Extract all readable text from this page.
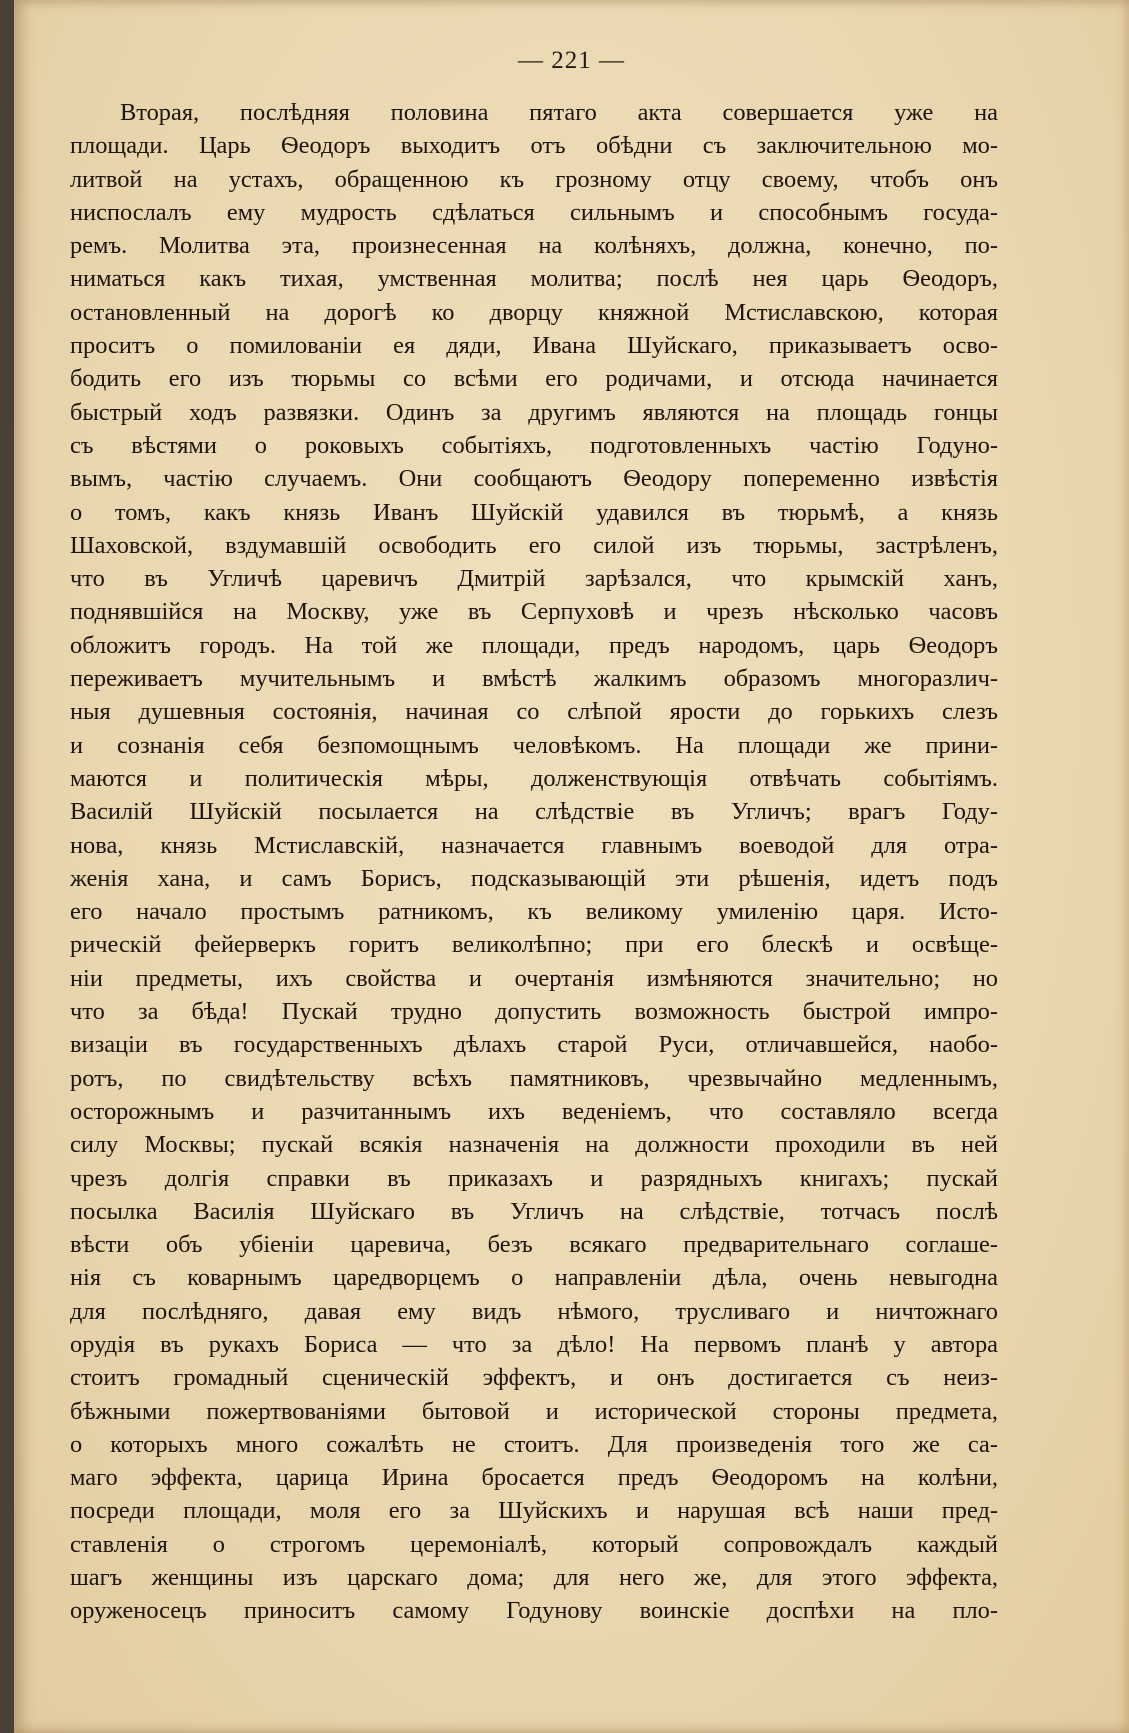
— 221 —
Вторая, послѣдняя половина пятаго акта совершается уже на
площади. Царь Ѳеодоръ выходитъ отъ обѣдни съ заключительною мо-
литвой на устахъ, обращенною къ грозному отцу своему, чтобъ онъ
ниспослалъ ему мудрость сдѣлаться сильнымъ и способнымъ госуда-
ремъ. Молитва эта, произнесенная на колѣняхъ, должна, конечно, по-
ниматься какъ тихая, умственная молитва; послѣ нея царь Ѳеодоръ,
остановленный на дорогѣ ко дворцу княжной Мстиславскою, которая
проситъ о помилованіи ея дяди, Ивана Шуйскаго, приказываетъ осво-
бодить его изъ тюрьмы со всѣми его родичами, и отсюда начинается
быстрый ходъ развязки. Одинъ за другимъ являются на площадь гонцы
съ вѣстями о роковыхъ событіяхъ, подготовленныхъ частію Годуно-
вымъ, частію случаемъ. Они сообщаютъ Ѳеодору попеременно извѣстія
о томъ, какъ князь Иванъ Шуйскій удавился въ тюрьмѣ, а князь
Шаховской, вздумавшій освободить его силой изъ тюрьмы, застрѣленъ,
что въ Угличѣ царевичъ Дмитрій зарѣзался, что крымскій ханъ,
поднявшійся на Москву, уже въ Серпуховѣ и чрезъ нѣсколько часовъ
обложитъ городъ. На той же площади, предъ народомъ, царь Ѳеодоръ
переживаетъ мучительнымъ и вмѣстѣ жалкимъ образомъ многоразлич-
ныя душевныя состоянія, начиная со слѣпой ярости до горькихъ слезъ
и сознанія себя безпомощнымъ человѣкомъ. На площади же прини-
маются и политическія мѣры, долженствующія отвѣчать событіямъ.
Василій Шуйскій посылается на слѣдствіе въ Угличъ; врагъ Году-
нова, князь Мстиславскій, назначается главнымъ воеводой для отра-
женія хана, и самъ Борисъ, подсказывающій эти рѣшенія, идетъ подъ
его начало простымъ ратникомъ, къ великому умиленію царя. Исто-
рическій фейерверкъ горитъ великолѣпно; при его блескѣ и освѣще-
ніи предметы, ихъ свойства и очертанія измѣняются значительно; но
что за бѣда! Пускай трудно допустить возможность быстрой импро-
визаціи въ государственныхъ дѣлахъ старой Руси, отличавшейся, наобо-
ротъ, по свидѣтельству всѣхъ памятниковъ, чрезвычайно медленнымъ,
осторожнымъ и разчитаннымъ ихъ веденіемъ, что составляло всегда
силу Москвы; пускай всякія назначенія на должности проходили въ ней
чрезъ долгія справки въ приказахъ и разрядныхъ книгахъ; пускай
посылка Василія Шуйскаго въ Угличъ на слѣдствіе, тотчасъ послѣ
вѣсти объ убіеніи царевича, безъ всякаго предварительнаго соглаше-
нія съ коварнымъ царедворцемъ о направленіи дѣла, очень невыгодна
для послѣдняго, давая ему видъ нѣмого, трусливаго и ничтожнаго
орудія въ рукахъ Бориса — что за дѣло! На первомъ планѣ у автора
стоитъ громадный сценическій эффектъ, и онъ достигается съ неиз-
бѣжными пожертвованіями бытовой и исторической стороны предмета,
о которыхъ много сожалѣть не стоитъ. Для произведенія того же са-
маго эффекта, царица Ирина бросается предъ Ѳеодоромъ на колѣни,
посреди площади, моля его за Шуйскихъ и нарушая всѣ наши пред-
ставленія о строгомъ церемоніалѣ, который сопровождалъ каждый
шагъ женщины изъ царскаго дома; для него же, для этого эффекта,
оруженосецъ приноситъ самому Годунову воинскіе доспѣхи на пло-
